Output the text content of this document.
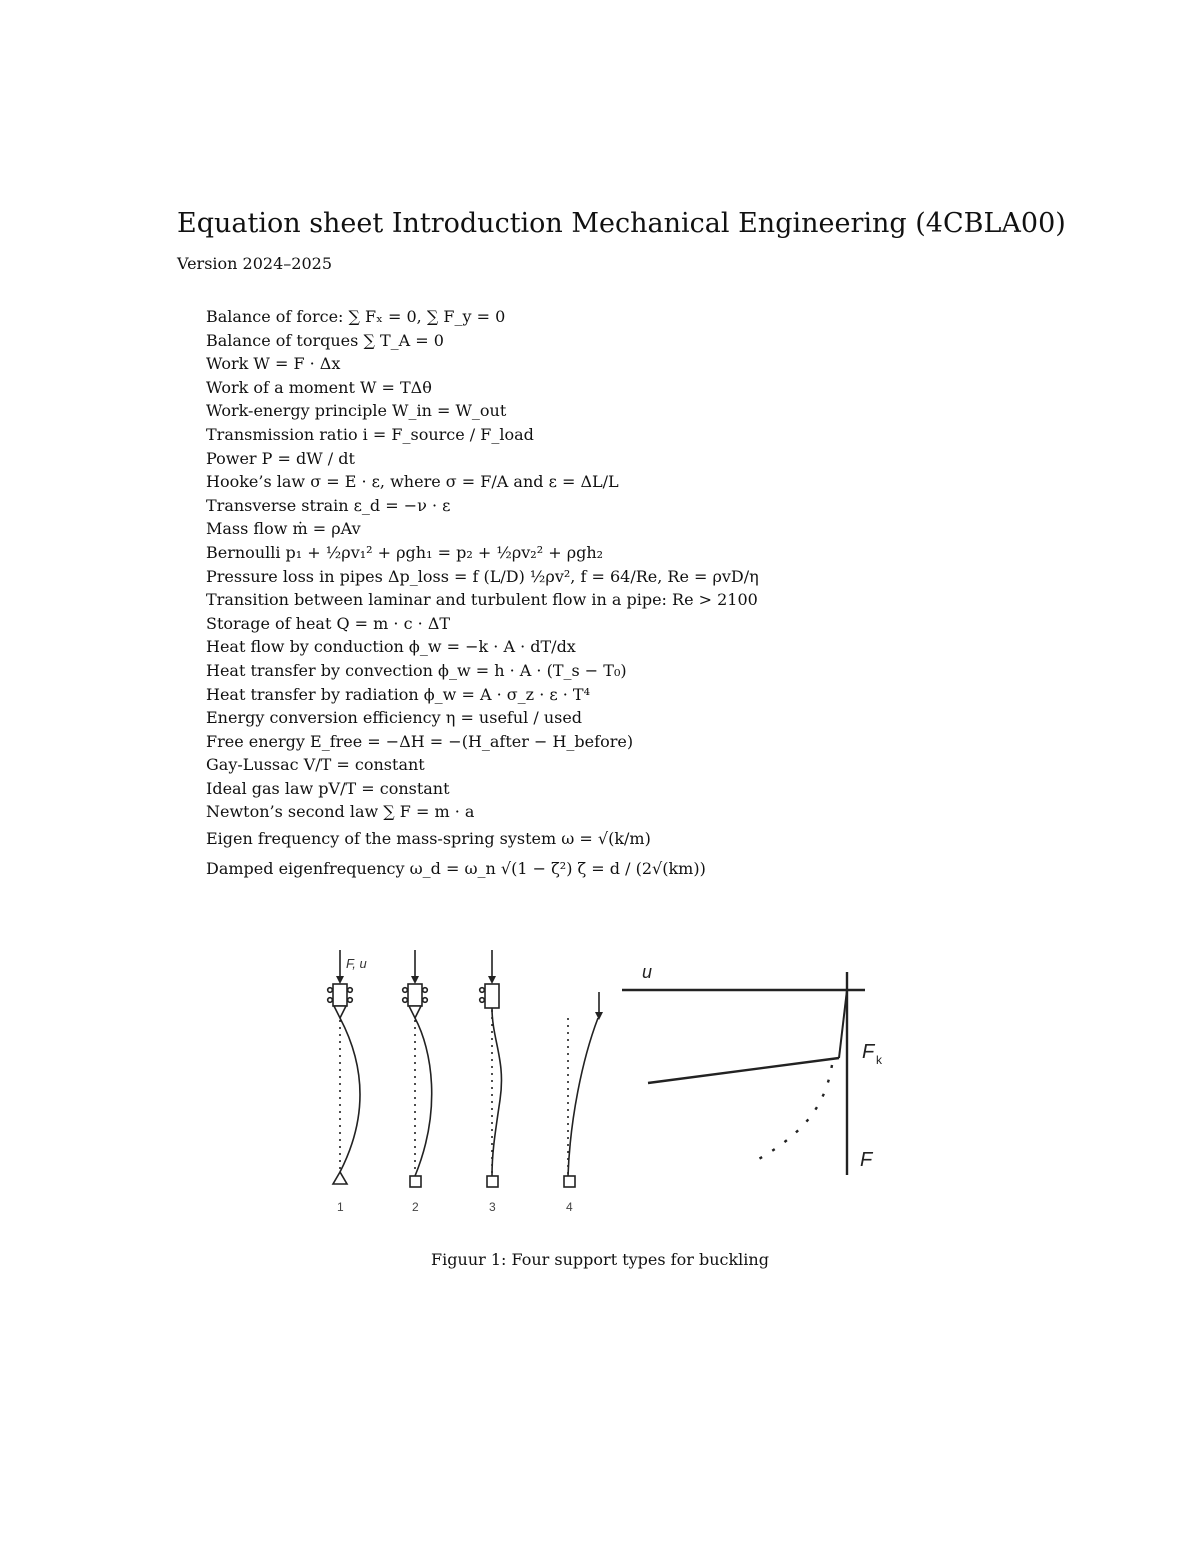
Equation sheet Introduction Mechanical Engineering (4CBLA00)
Version 2024–2025
Balance of force: ∑ Fₓ = 0, ∑ F_y = 0
Balance of torques ∑ T_A = 0
Work W = F · Δx
Work of a moment W = TΔθ
Work-energy principle W_in = W_out
Transmission ratio i = F_source / F_load
Power P = dW / dt
Hooke’s law σ = E · ε, where σ = F/A and ε = ΔL/L
Transverse strain ε_d = −ν · ε
Mass flow ṁ = ρAv
Bernoulli p₁ + ½ρv₁² + ρgh₁ = p₂ + ½ρv₂² + ρgh₂
Pressure loss in pipes Δp_loss = f (L/D) ½ρv², f = 64/Re, Re = ρvD/η
Transition between laminar and turbulent flow in a pipe: Re > 2100
Storage of heat Q = m · c · ΔT
Heat flow by conduction ϕ_w = −k · A · dT/dx
Heat transfer by convection ϕ_w = h · A · (T_s − T₀)
Heat transfer by radiation ϕ_w = A · σ_z · ε · T⁴
Energy conversion efficiency η = useful / used
Free energy E_free = −ΔH = −(H_after − H_before)
Gay-Lussac V/T = constant
Ideal gas law pV/T = constant
Newton’s second law ∑ F = m · a
Eigen frequency of the mass-spring system ω = √(k/m)
Damped eigenfrequency ω_d = ω_n √(1 − ζ²) ζ = d / (2√(km))
F, u	u
F k
F
1	2	3	4
Figuur 1: Four support types for buckling
